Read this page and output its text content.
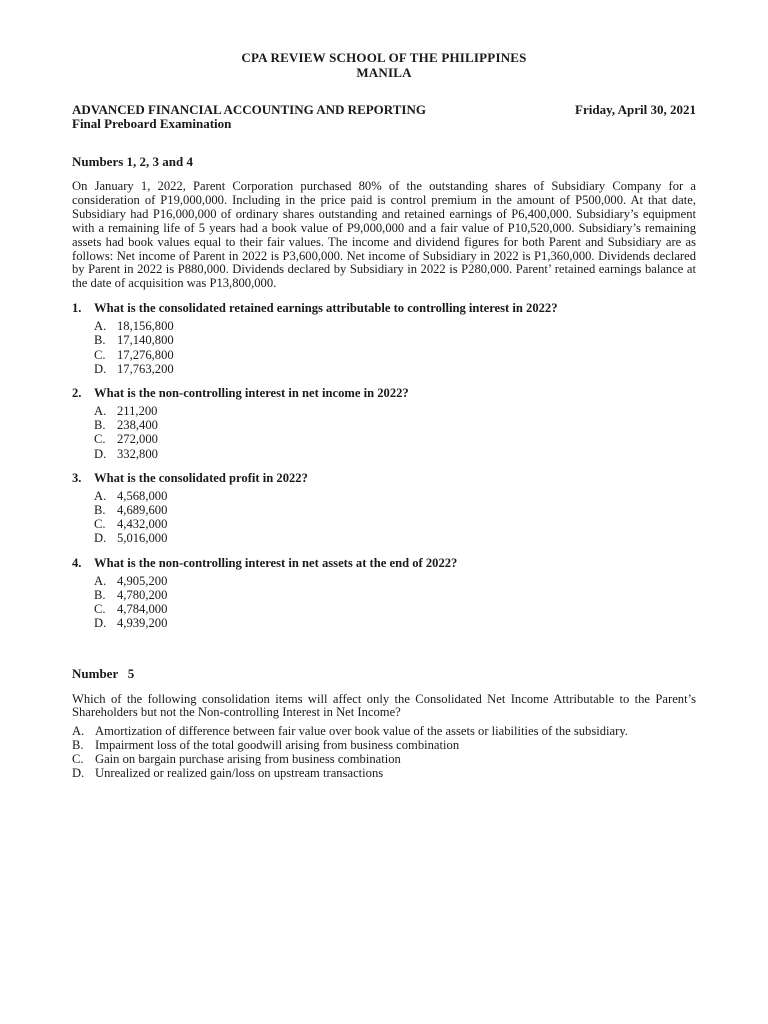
CPA REVIEW SCHOOL OF THE PHILIPPINES
MANILA
ADVANCED FINANCIAL ACCOUNTING AND REPORTING	Friday, April 30, 2021
Final Preboard Examination
Numbers 1, 2, 3 and 4
On January 1, 2022, Parent Corporation purchased 80% of the outstanding shares of Subsidiary Company for a consideration of P19,000,000. Including in the price paid is control premium in the amount of P500,000. At that date, Subsidiary had P16,000,000 of ordinary shares outstanding and retained earnings of P6,400,000. Subsidiary’s equipment with a remaining life of 5 years had a book value of P9,000,000 and a fair value of P10,520,000. Subsidiary’s remaining assets had book values equal to their fair values. The income and dividend figures for both Parent and Subsidiary are as follows: Net income of Parent in 2022 is P3,600,000. Net income of Subsidiary in 2022 is P1,360,000. Dividends declared by Parent in 2022 is P880,000. Dividends declared by Subsidiary in 2022 is P280,000. Parent’ retained earnings balance at the date of acquisition was P13,800,000.
1. What is the consolidated retained earnings attributable to controlling interest in 2022?
A. 18,156,800
B. 17,140,800
C. 17,276,800
D. 17,763,200
2. What is the non-controlling interest in net income in 2022?
A. 211,200
B. 238,400
C. 272,000
D. 332,800
3. What is the consolidated profit in 2022?
A. 4,568,000
B. 4,689,600
C. 4,432,000
D. 5,016,000
4. What is the non-controlling interest in net assets at the end of 2022?
A. 4,905,200
B. 4,780,200
C. 4,784,000
D. 4,939,200
Number   5
Which of the following consolidation items will affect only the Consolidated Net Income Attributable to the Parent’s Shareholders but not the Non-controlling Interest in Net Income?
A. Amortization of difference between fair value over book value of the assets or liabilities of the subsidiary.
B. Impairment loss of the total goodwill arising from business combination
C. Gain on bargain purchase arising from business combination
D. Unrealized or realized gain/loss on upstream transactions
